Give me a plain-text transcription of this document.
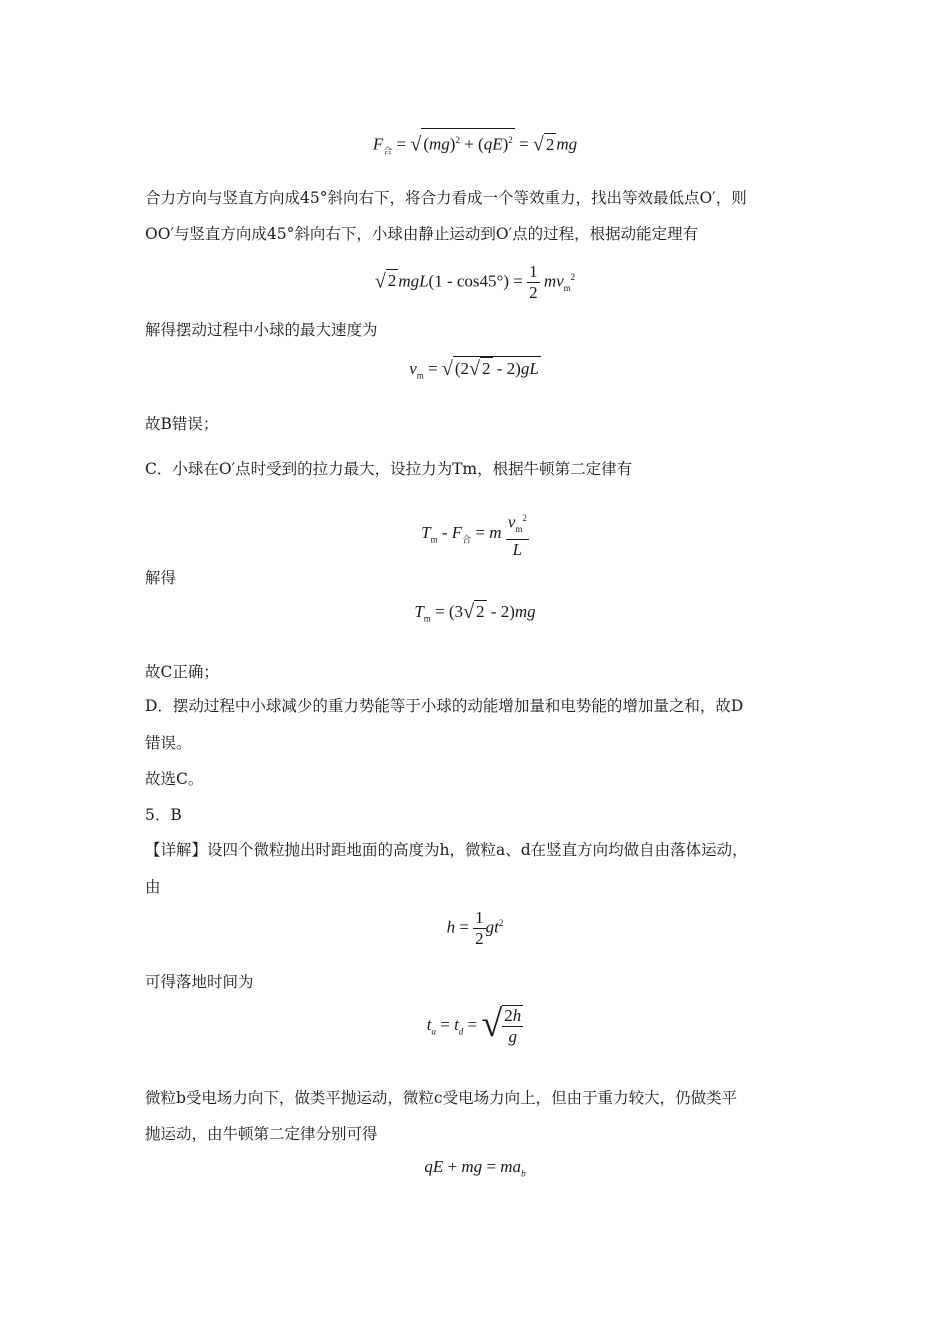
$F_合$ = √ (mg)$^2$ + (qE)$^2$ = √ 2 mg
合力方向与竖直方向成45°斜向右下，将合力看成一个等效重力，找出等效最低点O′，则
OO′与竖直方向成45°斜向右下，小球由静止运动到O′点的过程，根据动能定理有
√ 2 $mgL(1 - \cos 45^\circ) = \frac{1}{2} mv_m^2$
解得摆动过程中小球的最大速度为
$v_m$ = √ (2√ 2 - 2)gL
故B错误；
C．小球在O′点时受到的拉力最大，设拉力为Tm，根据牛顿第二定律有
$T_m - F_合 = m \frac{v_m^2}{L}$
解得
$T_m = (3√$ 2 - 2)mg
故C正确；
D．摆动过程中小球减少的重力势能等于小球的动能增加量和电势能的增加量之和，故D
错误。
故选C。
5．B
【详解】设四个微粒抛出时距地面的高度为h，微粒a、d在竖直方向均做自由落体运动，
由
$h = \frac{1}{2} gt^2$
可得落地时间为
$t_a = t_d$ = √ $\frac{2h}{g}$
微粒b受电场力向下，做类平抛运动，微粒c受电场力向上，但由于重力较大，仍做类平
抛运动，由牛顿第二定律分别可得
qE + mg = $ma_b$
